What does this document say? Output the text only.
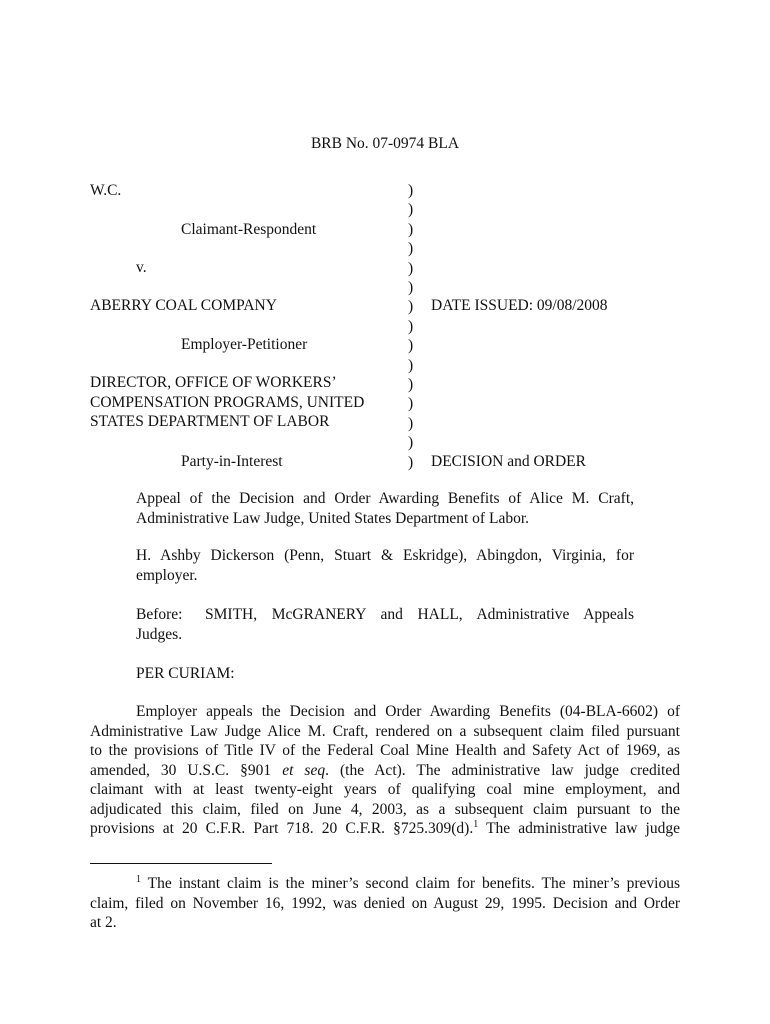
BRB No. 07-0974 BLA
W.C.
Claimant-Respondent
v.
ABERRY COAL COMPANY
Employer-Petitioner
DIRECTOR, OFFICE OF WORKERS’
COMPENSATION PROGRAMS, UNITED
STATES DEPARTMENT OF LABOR
Party-in-Interest
)
)
)
)
)
)
)
)
)
)
)
)
)
)
)
DATE ISSUED: 09/08/2008
DECISION and ORDER
Appeal of the Decision and Order Awarding Benefits of Alice M. Craft,
Administrative Law Judge, United States Department of Labor.
H. Ashby Dickerson (Penn, Stuart & Eskridge), Abingdon, Virginia, for
employer.
Before: SMITH, McGRANERY and HALL, Administrative Appeals
Judges.
PER CURIAM:
Employer appeals the Decision and Order Awarding Benefits (04-BLA-6602) of
Administrative Law Judge Alice M. Craft, rendered on a subsequent claim filed pursuant
to the provisions of Title IV of the Federal Coal Mine Health and Safety Act of 1969, as
amended, 30 U.S.C. §901 et seq. (the Act). The administrative law judge credited
claimant with at least twenty-eight years of qualifying coal mine employment, and
adjudicated this claim, filed on June 4, 2003, as a subsequent claim pursuant to the
provisions at 20 C.F.R. Part 718. 20 C.F.R. §725.309(d).$^1$ The administrative law judge
$^1$ The instant claim is the miner’s second claim for benefits. The miner’s previous
claim, filed on November 16, 1992, was denied on August 29, 1995. Decision and Order
at 2.
